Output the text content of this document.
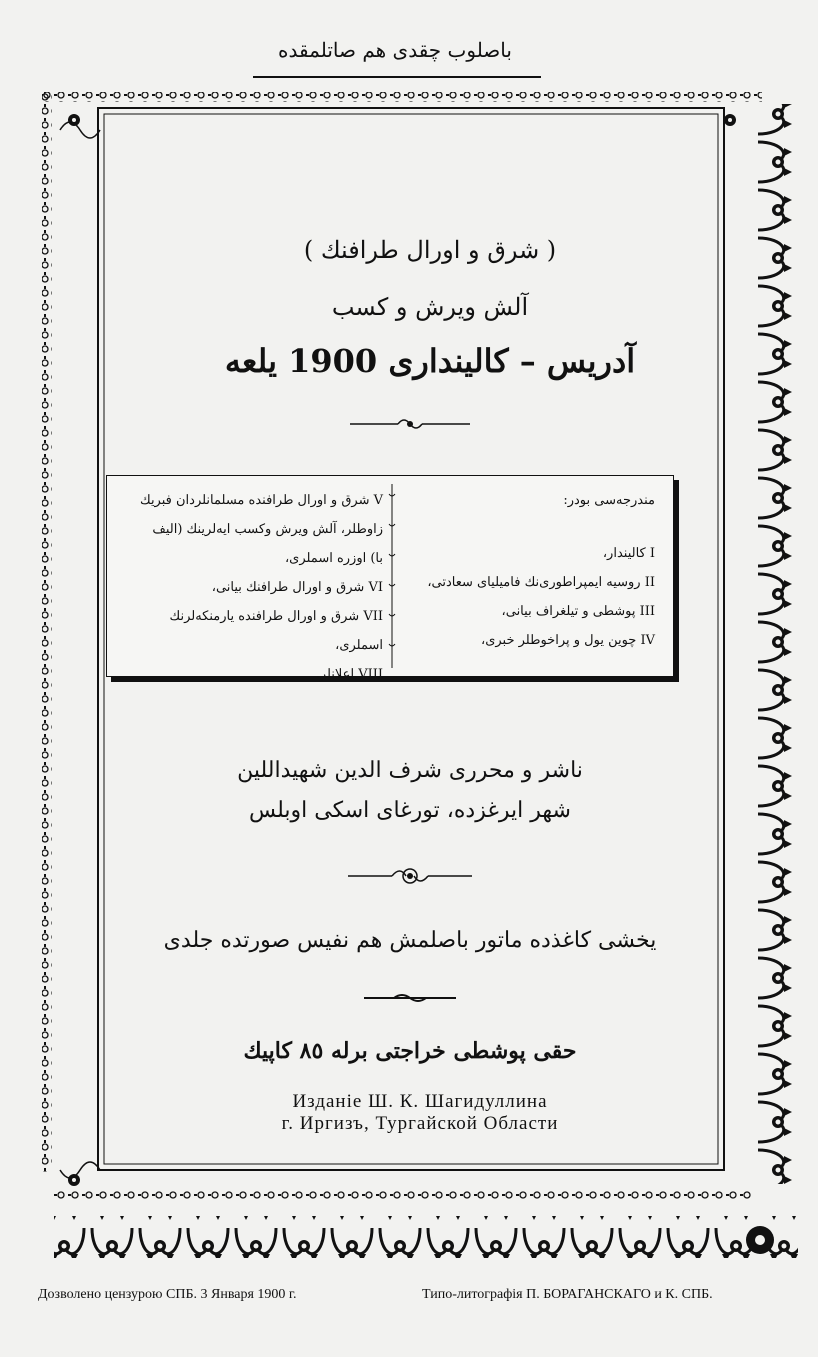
باصلوب چقدی هم صاتلمقده
( شرق و اورال طرافنك )
آلش ویرش و كسب
آدریس – كاليندارى 1900 يلعه
مندرجه‌سی بودر:
I كاليندار،
II روسيه ايمپراطوری‌نك فاميلياى سعادتى،
III پوشطى و تيلغراف بيانى،
IV چوين يول و پراخوطلر خبرى،
V شرق و اورال طرافنده مسلمانلردان فبريك
زاوطلر، آلش ويرش وكسب ايه‌لرينك (اليف
با) اوزره اسملرى،
VI شرق و اورال طرافنك بيانى،
VII شرق و اورال طرافنده يارمنكه‌لرنك اسملرى،
VIII اعلانلر.
ناشر و محررى شرف الدين شهيداللين
شهر ايرغزده، تورغاى اسكى اوبلس
يخشى كاغذده ماتور باصلمش هم نفيس صورتده جلدى
حقى پوشطى خراجتى برله ٨٥ كاپيك
Изданіе Ш. К. Шагидуллина
г. Иргизъ, Тургайской Области
Дозволено цензурою СПБ. 3 Января 1900 г.	Типо-литографія П. БОРАГАНСКАГО и К. СПБ.
